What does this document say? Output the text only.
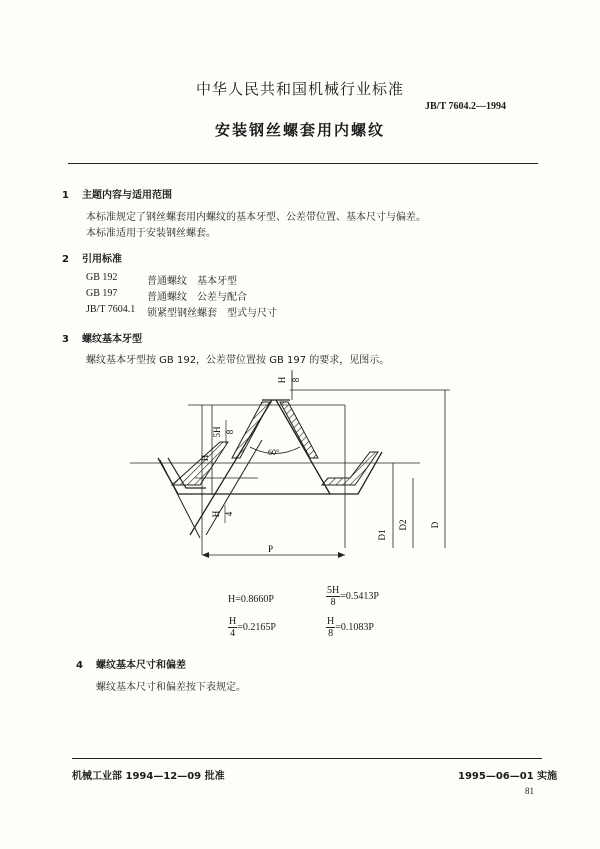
中华人民共和国机械行业标准
JB/T 7604.2—1994
安装钢丝螺套用内螺纹
1 主题内容与适用范围
本标准规定了钢丝螺套用内螺纹的基本牙型、公差带位置、基本尺寸与偏差。
本标准适用于安装钢丝螺套。
2 引用标准
GB 192	普通螺纹　基本牙型
GB 197	普通螺纹　公差与配合
JB/T 7604.1 锁紧型钢丝螺套　型式与尺寸
3 螺纹基本牙型
螺纹基本牙型按 GB 192，公差带位置按 GB 197 的要求，见图示。
H 8
5H 8
H
H 4
60°
P
D1
D2 D
H=0.8660P	$\frac{5H}{8} =0.5413P$
$\frac{H}{4} =0.2165P$	$\frac{H}{8} =0.1083P$
4 螺纹基本尺寸和偏差
螺纹基本尺寸和偏差按下表规定。
机械工业部 1994—12—09 批准	1995—06—01 实施
81
